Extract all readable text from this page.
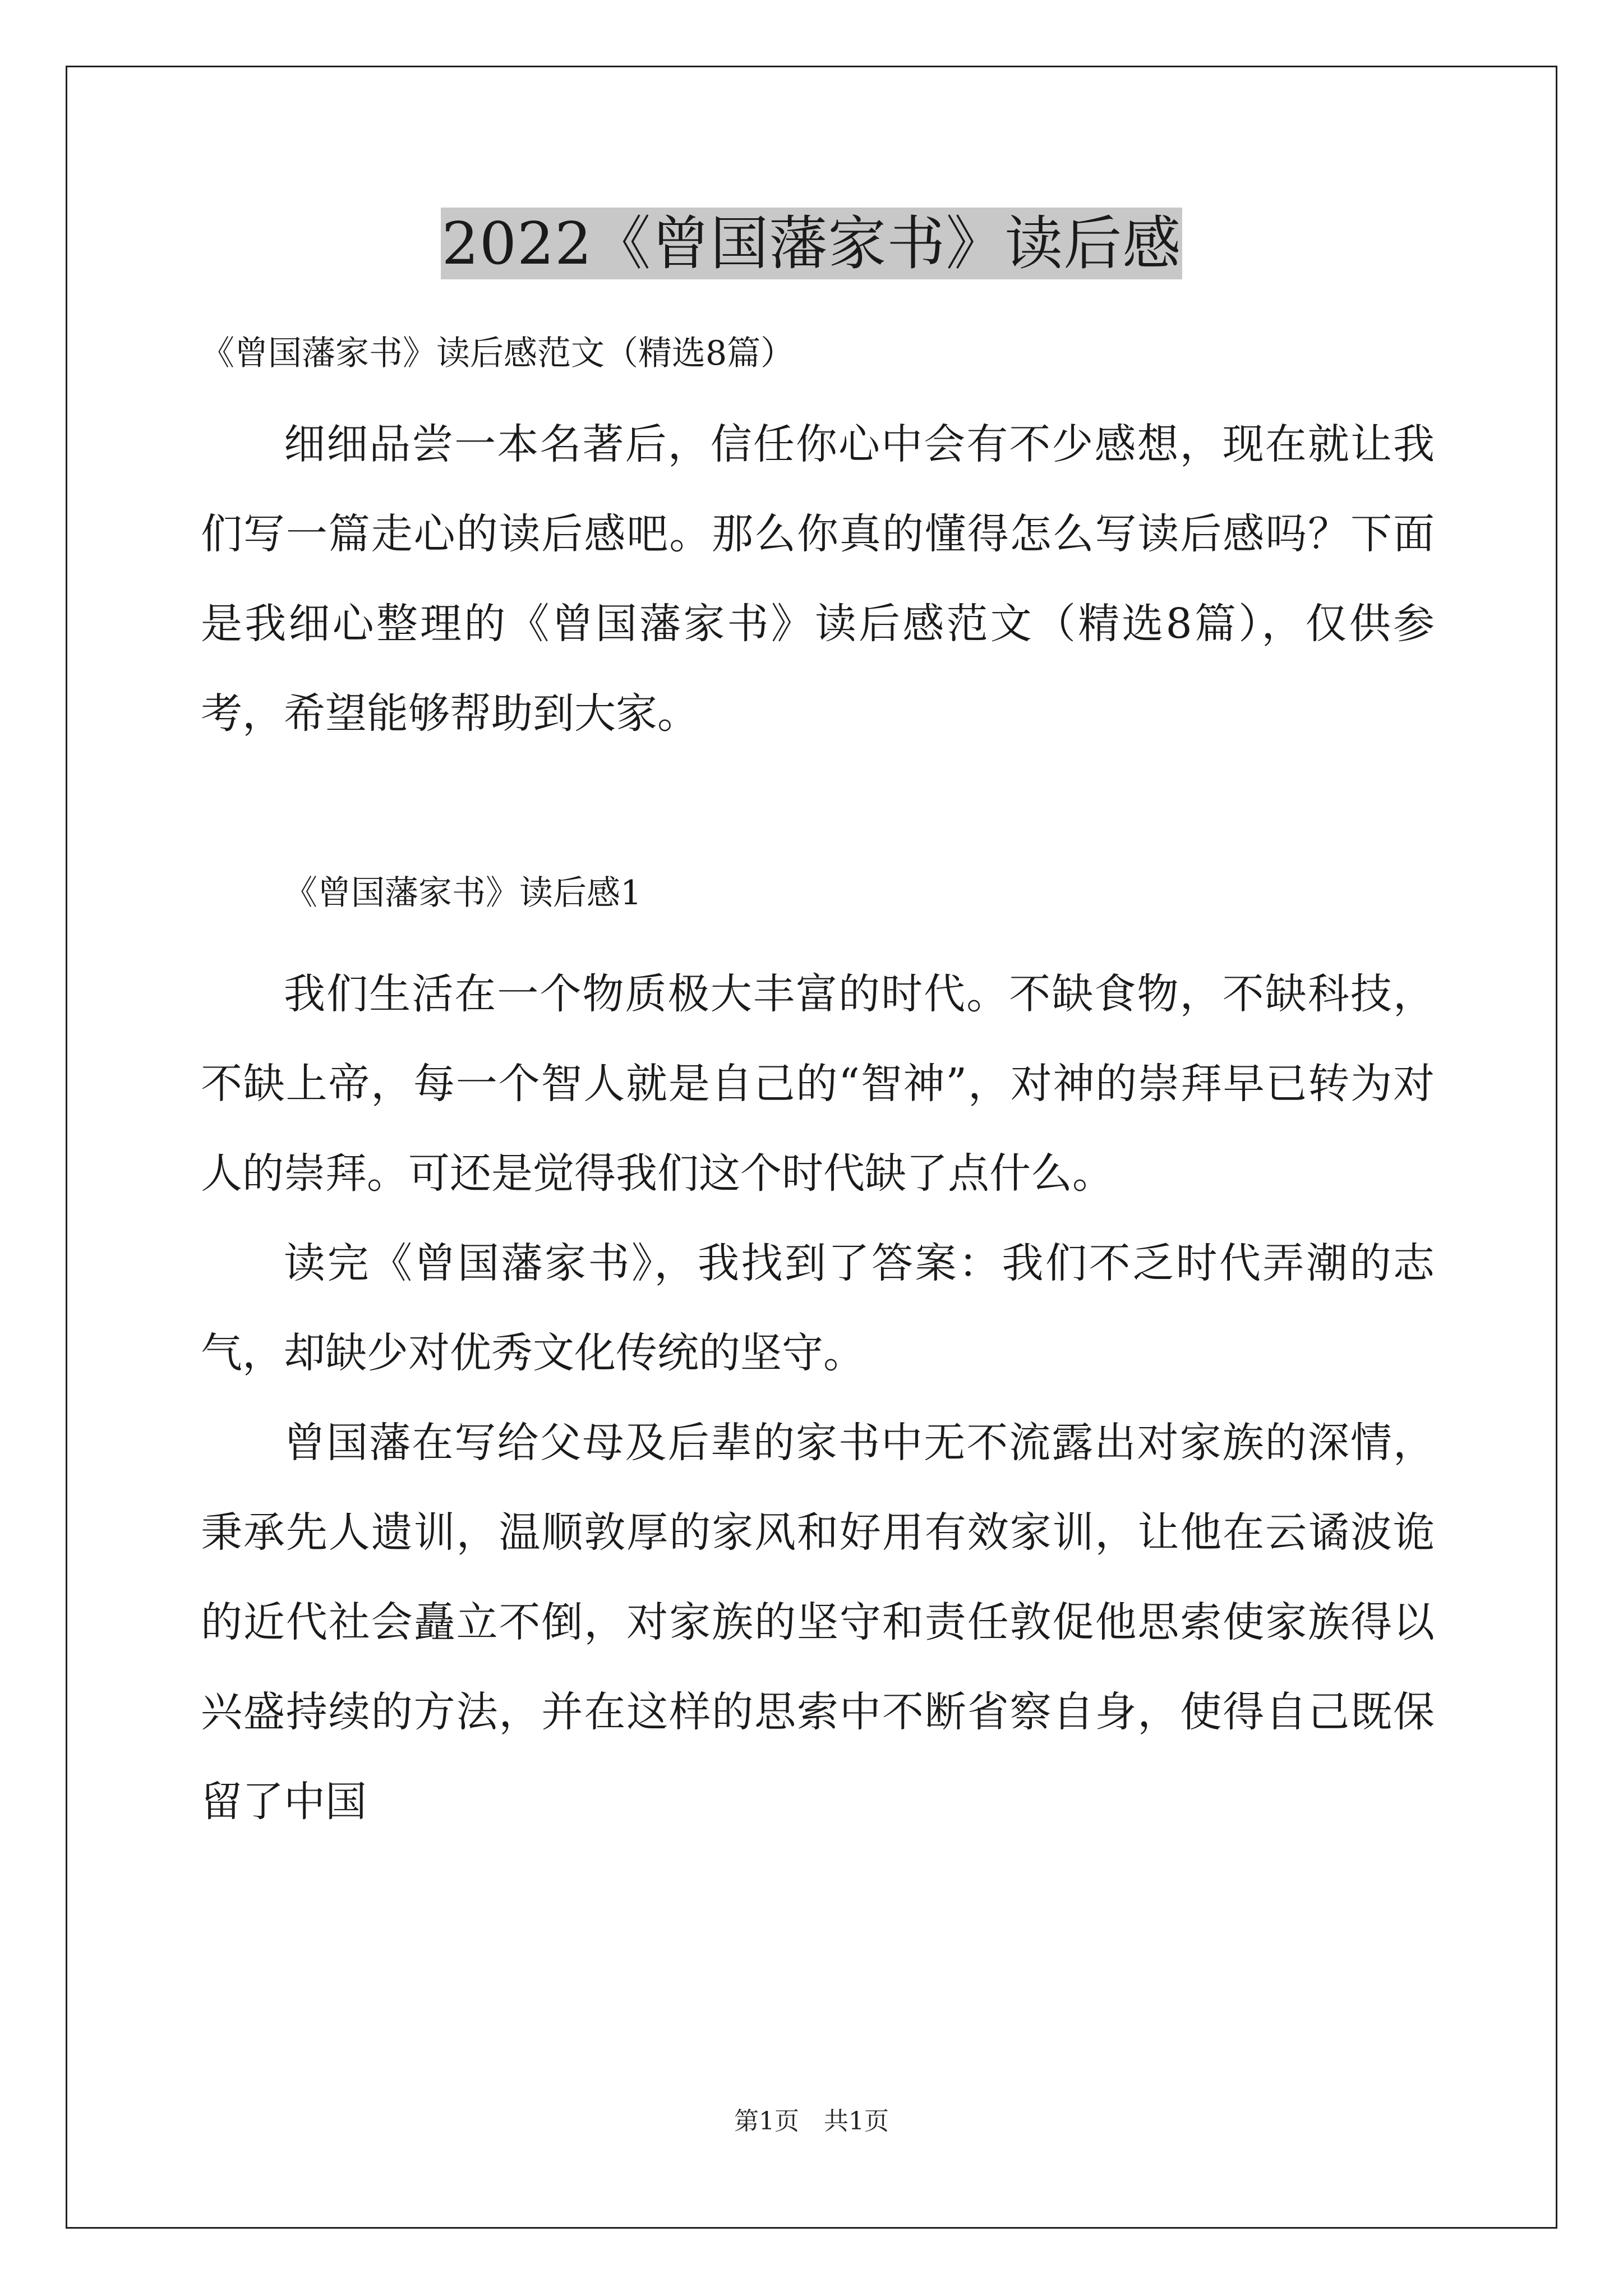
2022《曾国藩家书》读后感
《曾国藩家书》读后感范文（精选8篇）

细细品尝一本名著后，信任你心中会有不少感想，现在就让我们写一篇走心的读后感吧。那么你真的懂得怎么写读后感吗？下面是我细心整理的《曾国藩家书》读后感范文（精选8篇），仅供参考，希望能够帮助到大家。

《曾国藩家书》读后感1

我们生活在一个物质极大丰富的时代。不缺食物，不缺科技，不缺上帝，每一个智人就是自己的“智神”，对神的崇拜早已转为对人的崇拜。可还是觉得我们这个时代缺了点什么。

读完《曾国藩家书》，我找到了答案：我们不乏时代弄潮的志气，却缺少对优秀文化传统的坚守。

曾国藩在写给父母及后辈的家书中无不流露出对家族的深情，秉承先人遗训，温顺敦厚的家风和好用有效家训，让他在云谲波诡的近代社会矗立不倒，对家族的坚守和责任敦促他思索使家族得以兴盛持续的方法，并在这样的思索中不断省察自身，使得自己既保留了中国

第1页　共1页
